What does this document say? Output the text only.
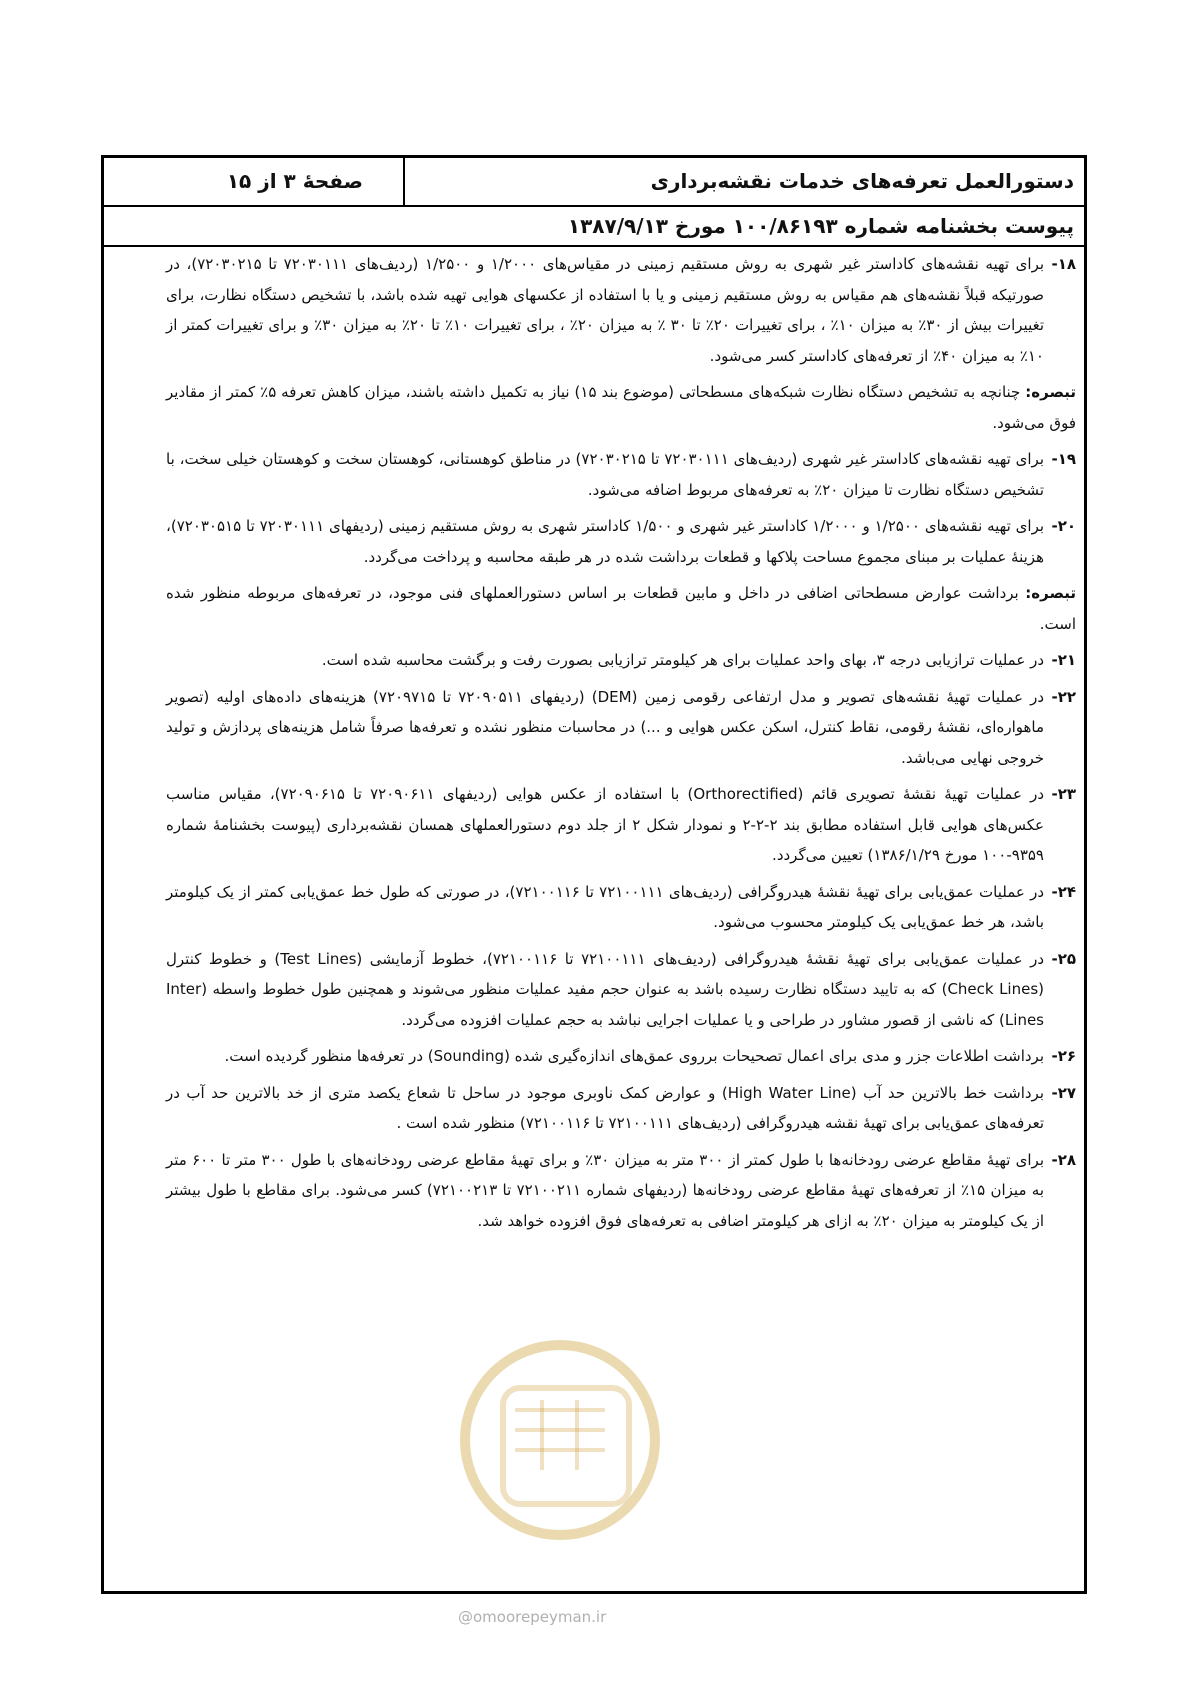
دستورالعمل تعرفه‌های خدمات نقشه‌برداری
صفحهٔ ۳ از ۱۵
پیوست بخشنامه شماره ۱۰۰/۸۶۱۹۳ مورخ ۱۳۸۷/۹/۱۳
۱۸-
برای تهیه نقشه‌های کاداستر غیر شهری به روش مستقیم زمینی در مقیاس‌های ۱/۲۰۰۰ و ۱/۲۵۰۰ (ردیف‌های ۷۲۰۳۰۱۱۱ تا ۷۲۰۳۰۲۱۵)، در صورتیکه قبلاً نقشه‌های هم مقیاس به روش مستقیم زمینی و یا با استفاده از عکسهای هوایی تهیه شده باشد، با تشخیص دستگاه نظارت، برای تغییرات بیش از ۳۰٪ به میزان ۱۰٪ ، برای تغییرات ۲۰٪ تا ۳۰ ٪ به میزان ۲۰٪ ، برای تغییرات ۱۰٪ تا ۲۰٪ به میزان ۳۰٪ و برای تغییرات کمتر از ۱۰٪ به میزان ۴۰٪ از تعرفه‌های کاداستر کسر می‌شود.
تبصره: چنانچه به تشخیص دستگاه نظارت شبکه‌های مسطحاتی (موضوع بند ۱۵) نیاز به تکمیل داشته باشند، میزان کاهش تعرفه ۵٪ کمتر از مقادیر فوق می‌شود.
۱۹-
برای تهیه نقشه‌های کاداستر غیر شهری (ردیف‌های ۷۲۰۳۰۱۱۱ تا ۷۲۰۳۰۲۱۵) در مناطق کوهستانی، کوهستان سخت و کوهستان خیلی سخت، با تشخیص دستگاه نظارت تا میزان ۲۰٪ به تعرفه‌های مربوط اضافه می‌شود.
۲۰-
برای تهیه نقشه‌های ۱/۲۵۰۰ و ۱/۲۰۰۰ کاداستر غیر شهری و ۱/۵۰۰ کاداستر شهری به روش مستقیم زمینی (ردیفهای ۷۲۰۳۰۱۱۱ تا ۷۲۰۳۰۵۱۵)، هزینهٔ عملیات بر مبنای مجموع مساحت پلاکها و قطعات برداشت شده در هر طبقه محاسبه و پرداخت می‌گردد.
تبصره: برداشت عوارض مسطحاتی اضافی در داخل و مابین قطعات بر اساس دستورالعملهای فنی موجود، در تعرفه‌های مربوطه منظور شده است.
۲۱-
در عملیات ترازیابی درجه ۳، بهای واحد عملیات برای هر کیلومتر ترازیابی بصورت رفت و برگشت محاسبه شده است.
۲۲-
در عملیات تهیهٔ نقشه‌های تصویر و مدل ارتفاعی رقومی زمین (DEM) (ردیفهای ۷۲۰۹۰۵۱۱ تا ۷۲۰۹۷۱۵) هزینه‌های داده‌های اولیه (تصویر ماهواره‌ای، نقشهٔ رقومی، نقاط کنترل، اسکن عکس هوایی و ...) در محاسبات منظور نشده و تعرفه‌ها صرفاً شامل هزینه‌های پردازش و تولید خروجی نهایی می‌باشد.
۲۳-
در عملیات تهیهٔ نقشهٔ تصویری قائم (Orthorectified) با استفاده از عکس هوایی (ردیفهای ۷۲۰۹۰۶۱۱ تا ۷۲۰۹۰۶۱۵)، مقیاس مناسب عکس‌های هوایی قابل استفاده مطابق بند ۲-۲-۲ و نمودار شکل ۲ از جلد دوم دستورالعملهای همسان نقشه‌برداری (پیوست بخشنامهٔ شماره ۹۳۵۹-۱۰۰ مورخ ۱۳۸۶/۱/۲۹) تعیین می‌گردد.
۲۴-
در عملیات عمق‌یابی برای تهیهٔ نقشهٔ هیدروگرافی (ردیف‌های ۷۲۱۰۰۱۱۱ تا ۷۲۱۰۰۱۱۶)، در صورتی که طول خط عمق‌یابی کمتر از یک کیلومتر باشد، هر خط عمق‌یابی یک کیلومتر محسوب می‌شود.
۲۵-
در عملیات عمق‌یابی برای تهیهٔ نقشهٔ هیدروگرافی (ردیف‌های ۷۲۱۰۰۱۱۱ تا ۷۲۱۰۰۱۱۶)، خطوط آزمایشی (Test Lines) و خطوط کنترل (Check Lines) که به تایید دستگاه نظارت رسیده باشد به عنوان حجم مفید عملیات منظور می‌شوند و همچنین طول خطوط واسطه (Inter Lines) که ناشی از قصور مشاور در طراحی و یا عملیات اجرایی نباشد به حجم عملیات افزوده می‌گردد.
۲۶-
برداشت اطلاعات جزر و مدی برای اعمال تصحیحات برروی عمق‌های اندازه‌گیری شده (Sounding) در تعرفه‌ها منظور گردیده است.
۲۷-
برداشت خط بالاترین حد آب (High Water Line) و عوارض کمک ناوبری موجود در ساحل تا شعاع یکصد متری از خد بالاترین حد آب در تعرفه‌های عمق‌یابی برای تهیهٔ نقشه هیدروگرافی (ردیف‌های ۷۲۱۰۰۱۱۱ تا ۷۲۱۰۰۱۱۶) منظور شده است .
۲۸-
برای تهیهٔ مقاطع عرضی رودخانه‌ها با طول کمتر از ۳۰۰ متر به میزان ۳۰٪ و برای تهیهٔ مقاطع عرضی رودخانه‌های با طول ۳۰۰ متر تا ۶۰۰ متر به میزان ۱۵٪ از تعرفه‌های تهیهٔ مقاطع عرضی رودخانه‌ها (ردیفهای شماره ۷۲۱۰۰۲۱۱ تا ۷۲۱۰۰۲۱۳) کسر می‌شود. برای مقاطع با طول بیشتر از یک کیلومتر به میزان ۲۰٪ به ازای هر کیلومتر اضافی به تعرفه‌های فوق افزوده خواهد شد.
@omoorepeyman.ir
